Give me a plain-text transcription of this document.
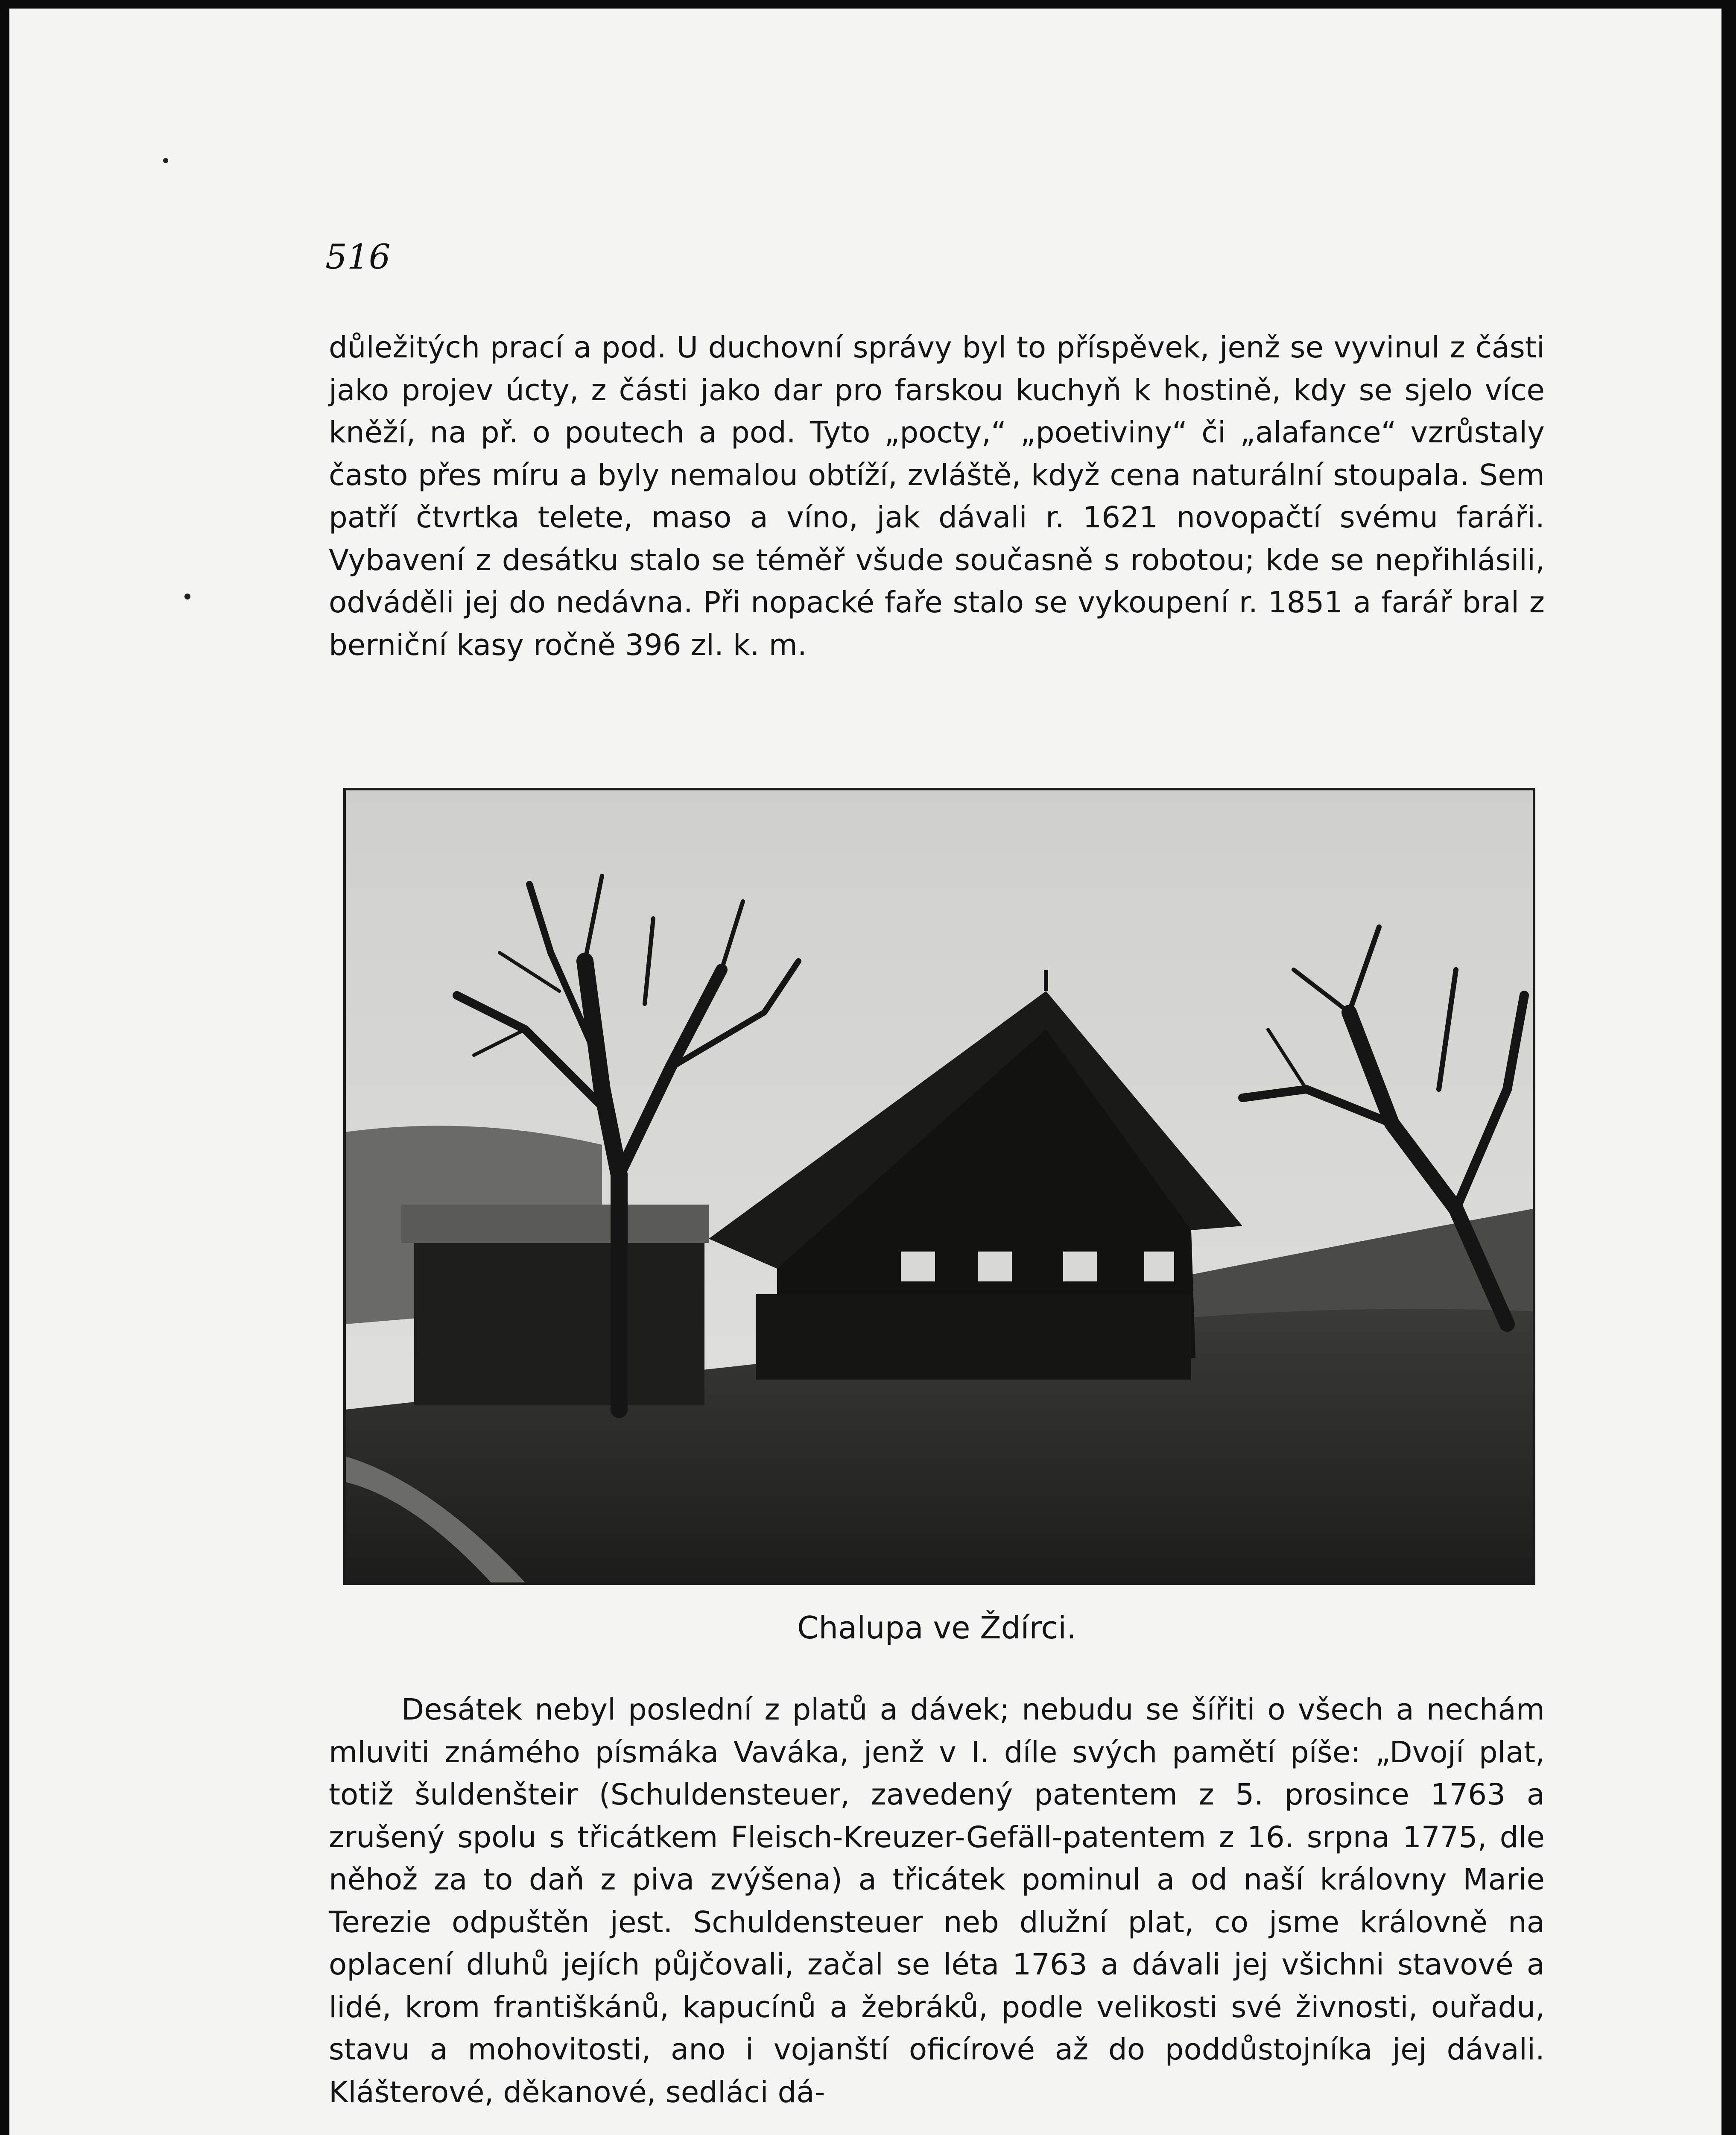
516

důležitých prací a pod. U duchovní správy byl to příspěvek, jenž se vyvinul z části jako projev úcty, z části jako dar pro farskou kuchyň k hostině, kdy se sjelo více kněží, na př. o poutech a pod. Tyto „pocty,“ „poetiviny“ či „alafance“ vzrůstaly často přes míru a byly nemalou obtíží, zvláště, když cena naturální stoupala. Sem patří čtvrtka telete, maso a víno, jak dávali r. 1621 novopačtí svému faráři. Vybavení z desátku stalo se téměř všude současně s robotou; kde se nepřihlásili, odváděli jej do nedávna. Při nopacké faře stalo se vykoupení r. 1851 a farář bral z berniční kasy ročně 396 zl. k. m.

Chalupa ve Ždírci.

Desátek nebyl poslední z platů a dávek; nebudu se šířiti o všech a nechám mluviti známého písmáka Vaváka, jenž v I. díle svých pamětí píše: „Dvojí plat, totiž šuldenšteir (Schuldensteuer, zavedený patentem z 5. prosince 1763 a zrušený spolu s třicátkem Fleisch-Kreuzer-Gefäll-patentem z 16. srpna 1775, dle něhož za to daň z piva zvýšena) a třicátek pominul a od naší královny Marie Terezie odpuštěn jest. Schuldensteuer neb dlužní plat, co jsme královně na oplacení dluhů jejích půjčovali, začal se léta 1763 a dávali jej všichni stavové a lidé, krom františkánů, kapucínů a žebráků, podle velikosti své živnosti, ouřadu, stavu a mohovitosti, ano i vojanští oficírové až do poddůstojníka jej dávali. Klášterové, děkanové, sedláci dá-
